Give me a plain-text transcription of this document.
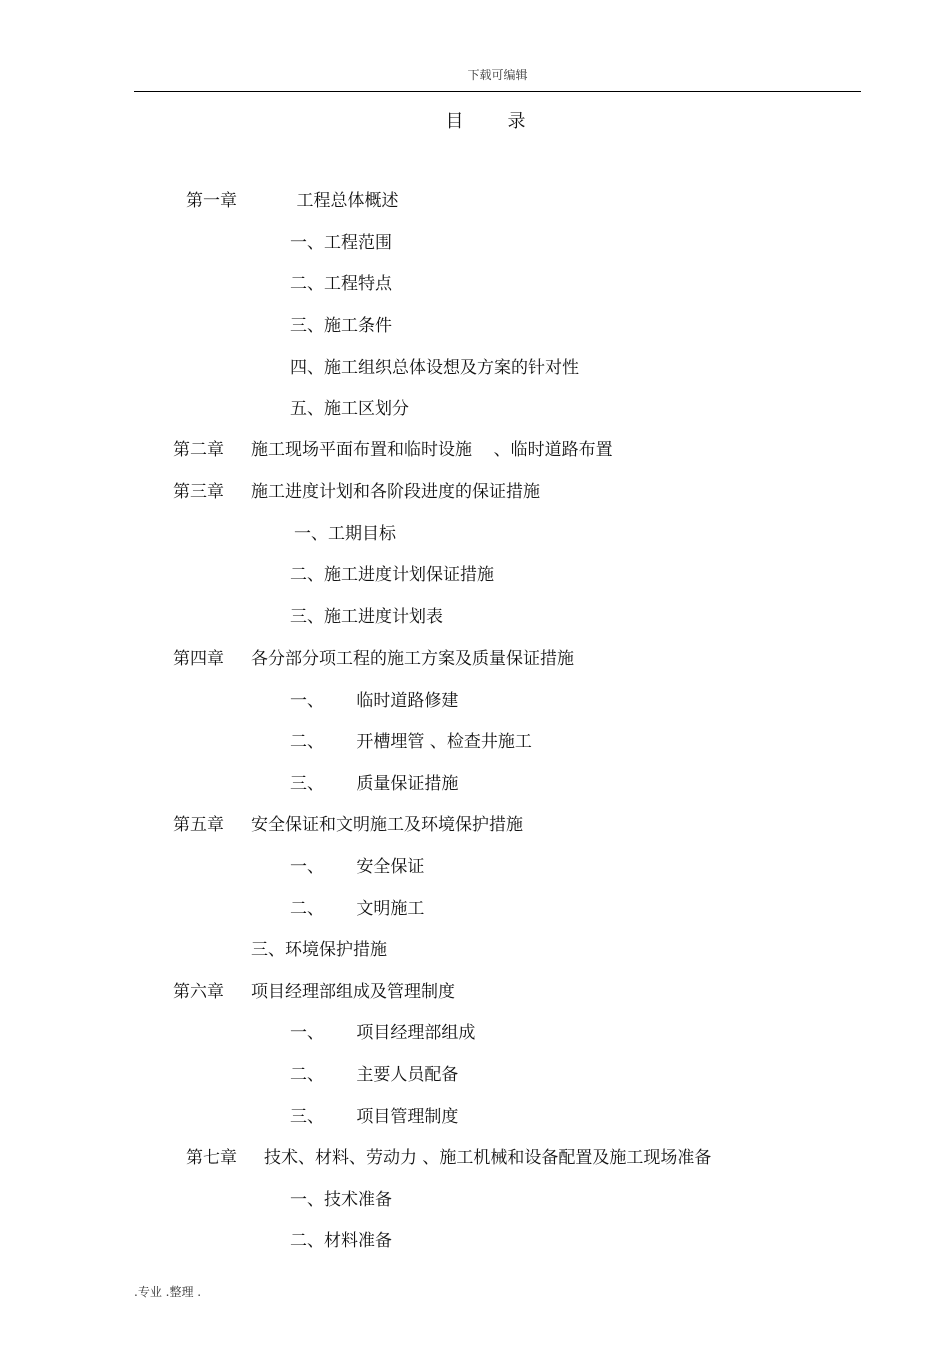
下载可编辑
目录
第一章           工程总体概述
一、工程范围
二、工程特点
三、施工条件
四、施工组织总体设想及方案的针对性
五、施工区划分
第二章     施工现场平面布置和临时设施    、临时道路布置
第三章     施工进度计划和各阶段进度的保证措施
一、工期目标
二、施工进度计划保证措施
三、施工进度计划表
第四章     各分部分项工程的施工方案及质量保证措施
一、      临时道路修建
二、      开槽埋管 、检查井施工
三、      质量保证措施
第五章     安全保证和文明施工及环境保护措施
一、      安全保证
二、      文明施工
三、环境保护措施
第六章     项目经理部组成及管理制度
一、      项目经理部组成
二、      主要人员配备
三、      项目管理制度
第七章     技术、材料、劳动力 、施工机械和设备配置及施工现场准备
一、技术准备
二、材料准备
.专业 .整理 .
